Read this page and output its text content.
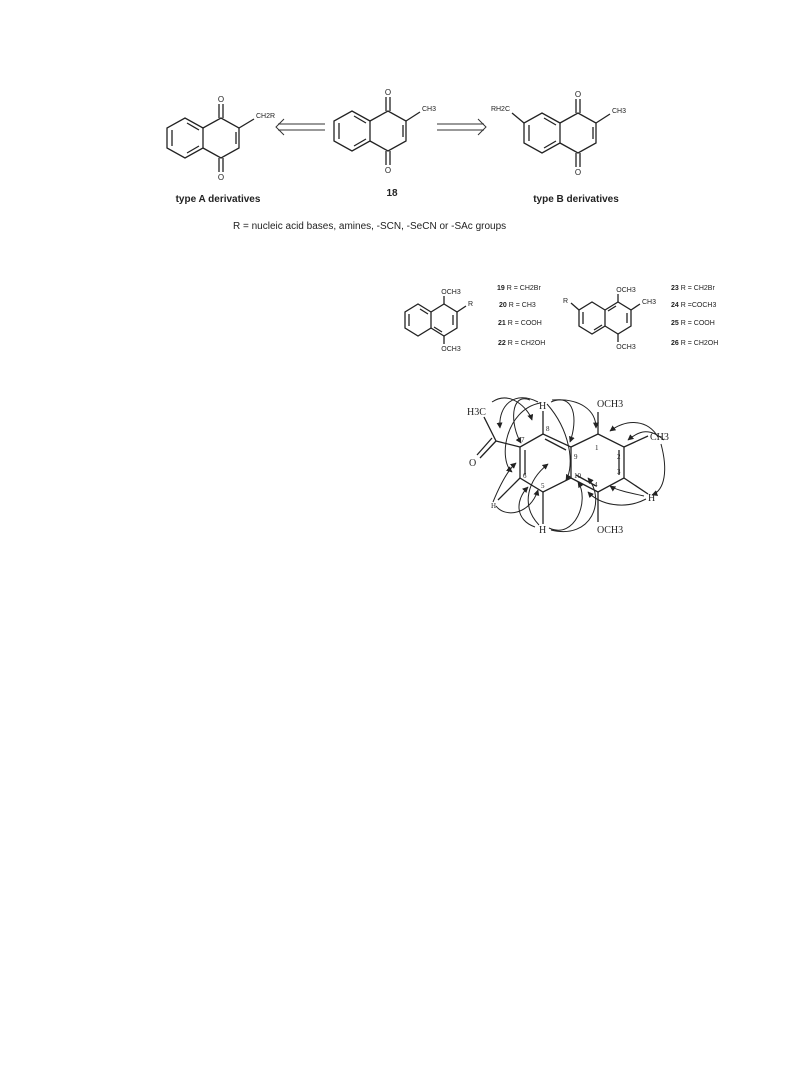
O
O
CH2R
O
O
CH3
O
O
CH3
RH2C
type A derivatives
18
type B derivatives
R = nucleic acid bases, amines, -SCN, -SeCN or -SAc groups
OCH3
OCH3
R
19 R = CH2Br
20 R = CH3
21 R = COOH
22 R = CH2OH
OCH3
OCH3
CH3
R
23 R = CH2Br
24 R =COCH3
25 R = COOH
26 R = CH2OH
H3C
O
OCH3
OCH3
CH3
H
H
H
H
1
2
3
4
5
6
7
8
9
10
